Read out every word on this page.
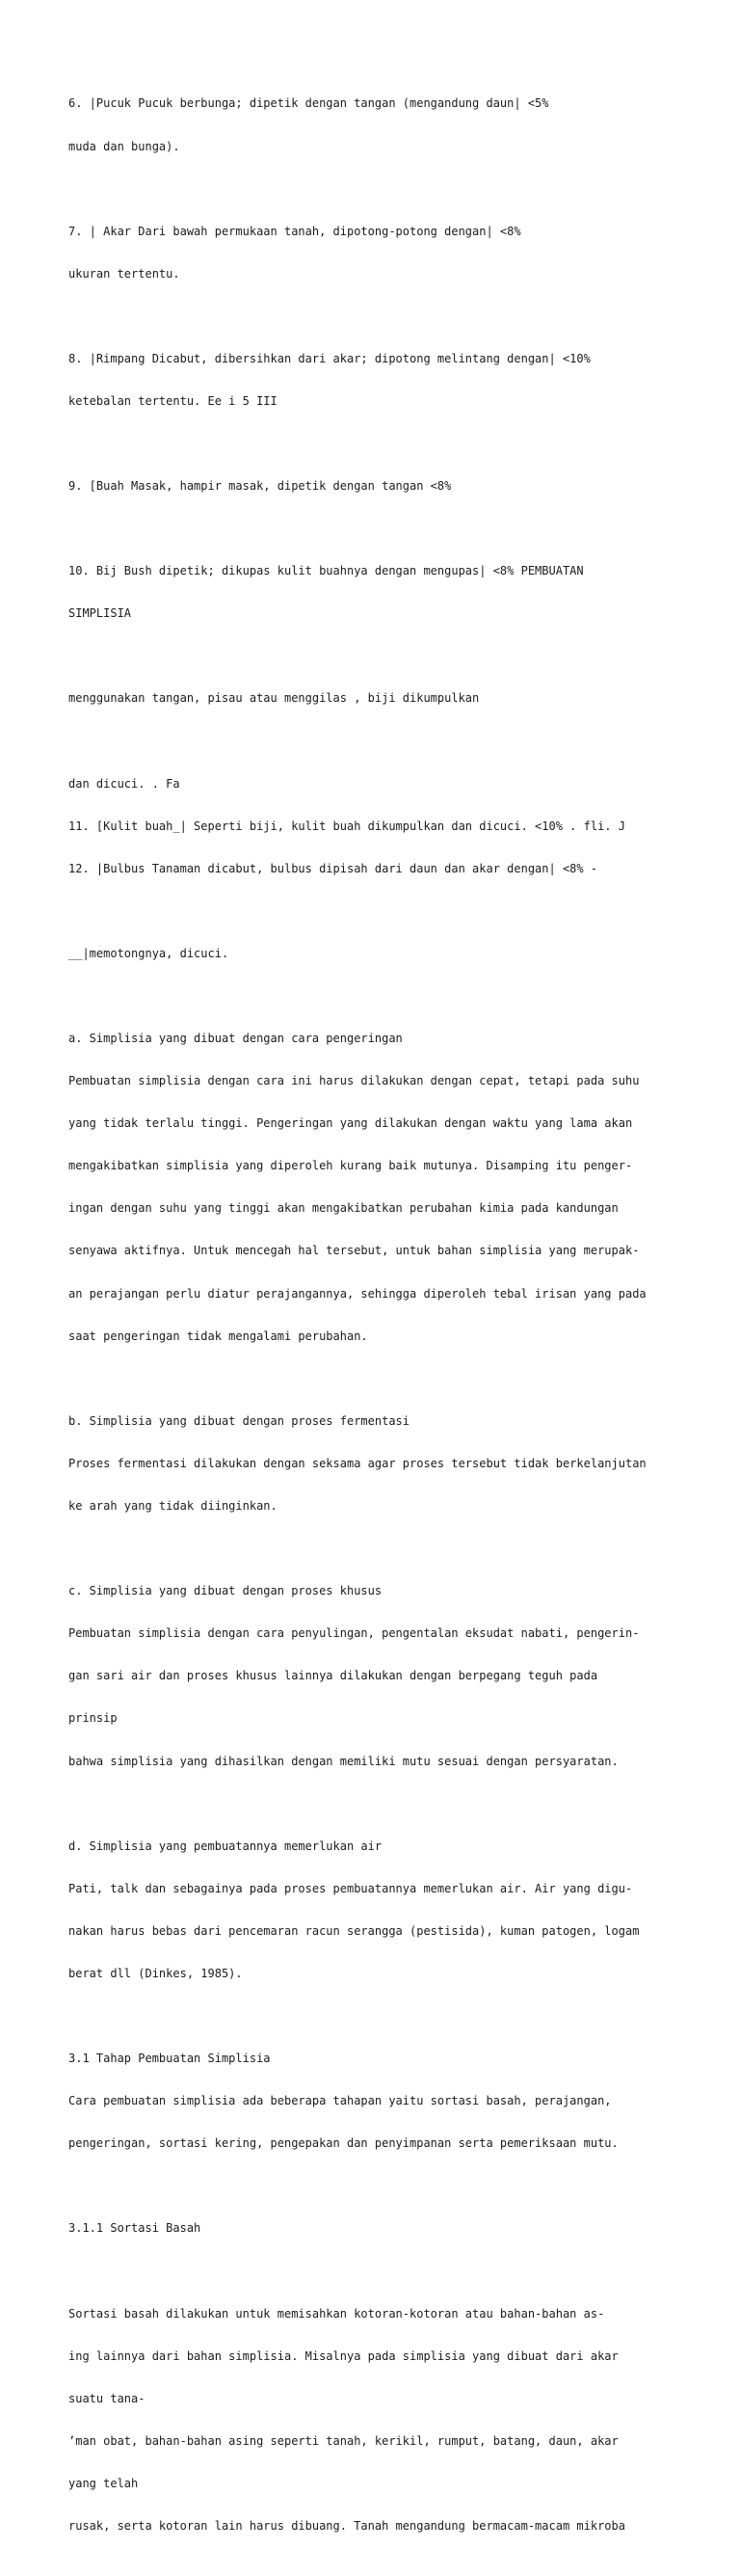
6. |Pucuk Pucuk berbunga; dipetik dengan tangan (mengandung daun| <5%

muda dan bunga).

7. | Akar Dari bawah permukaan tanah, dipotong-potong dengan| <8%

ukuran tertentu.

8. |Rimpang Dicabut, dibersihkan dari akar; dipotong melintang dengan| <10%

ketebalan tertentu. Ee i 5 III

9. [Buah Masak, hampir masak, dipetik dengan tangan <8%

10. Bij Bush dipetik; dikupas kulit buahnya dengan mengupas| <8% PEMBUATAN

SIMPLISIA

menggunakan tangan, pisau atau menggilas , biji dikumpulkan

dan dicuci. . Fa

11. [Kulit buah_| Seperti biji, kulit buah dikumpulkan dan dicuci. <10% . fli. J

12. |Bulbus Tanaman dicabut, bulbus dipisah dari daun dan akar dengan| <8% -

__|memotongnya, dicuci.

a. Simplisia yang dibuat dengan cara pengeringan

Pembuatan simplisia dengan cara ini harus dilakukan dengan cepat, tetapi pada suhu

yang tidak terlalu tinggi. Pengeringan yang dilakukan dengan waktu yang lama akan

mengakibatkan simplisia yang diperoleh kurang baik mutunya. Disamping itu penger-

ingan dengan suhu yang tinggi akan mengakibatkan perubahan kimia pada kandungan

senyawa aktifnya. Untuk mencegah hal tersebut, untuk bahan simplisia yang merupak-

an perajangan perlu diatur perajangannya, sehingga diperoleh tebal irisan yang pada

saat pengeringan tidak mengalami perubahan.

b. Simplisia yang dibuat dengan proses fermentasi

Proses fermentasi dilakukan dengan seksama agar proses tersebut tidak berkelanjutan

ke arah yang tidak diinginkan.

c. Simplisia yang dibuat dengan proses khusus

Pembuatan simplisia dengan cara penyulingan, pengentalan eksudat nabati, pengerin-

gan sari air dan proses khusus lainnya dilakukan dengan berpegang teguh pada

prinsip

bahwa simplisia yang dihasilkan dengan memiliki mutu sesuai dengan persyaratan.

d. Simplisia yang pembuatannya memerlukan air

Pati, talk dan sebagainya pada proses pembuatannya memerlukan air. Air yang digu-

nakan harus bebas dari pencemaran racun serangga (pestisida), kuman patogen, logam

berat dll (Dinkes, 1985).

3.1 Tahap Pembuatan Simplisia

Cara pembuatan simplisia ada beberapa tahapan yaitu sortasi basah, perajangan,

pengeringan, sortasi kering, pengepakan dan penyimpanan serta pemeriksaan mutu.

3.1.1 Sortasi Basah

Sortasi basah dilakukan untuk memisahkan kotoran-kotoran atau bahan-bahan as-

ing lainnya dari bahan simplisia. Misalnya pada simplisia yang dibuat dari akar

suatu tana-

’man obat, bahan-bahan asing seperti tanah, kerikil, rumput, batang, daun, akar

yang telah

rusak, serta kotoran lain harus dibuang. Tanah mengandung bermacam-macam mikroba
